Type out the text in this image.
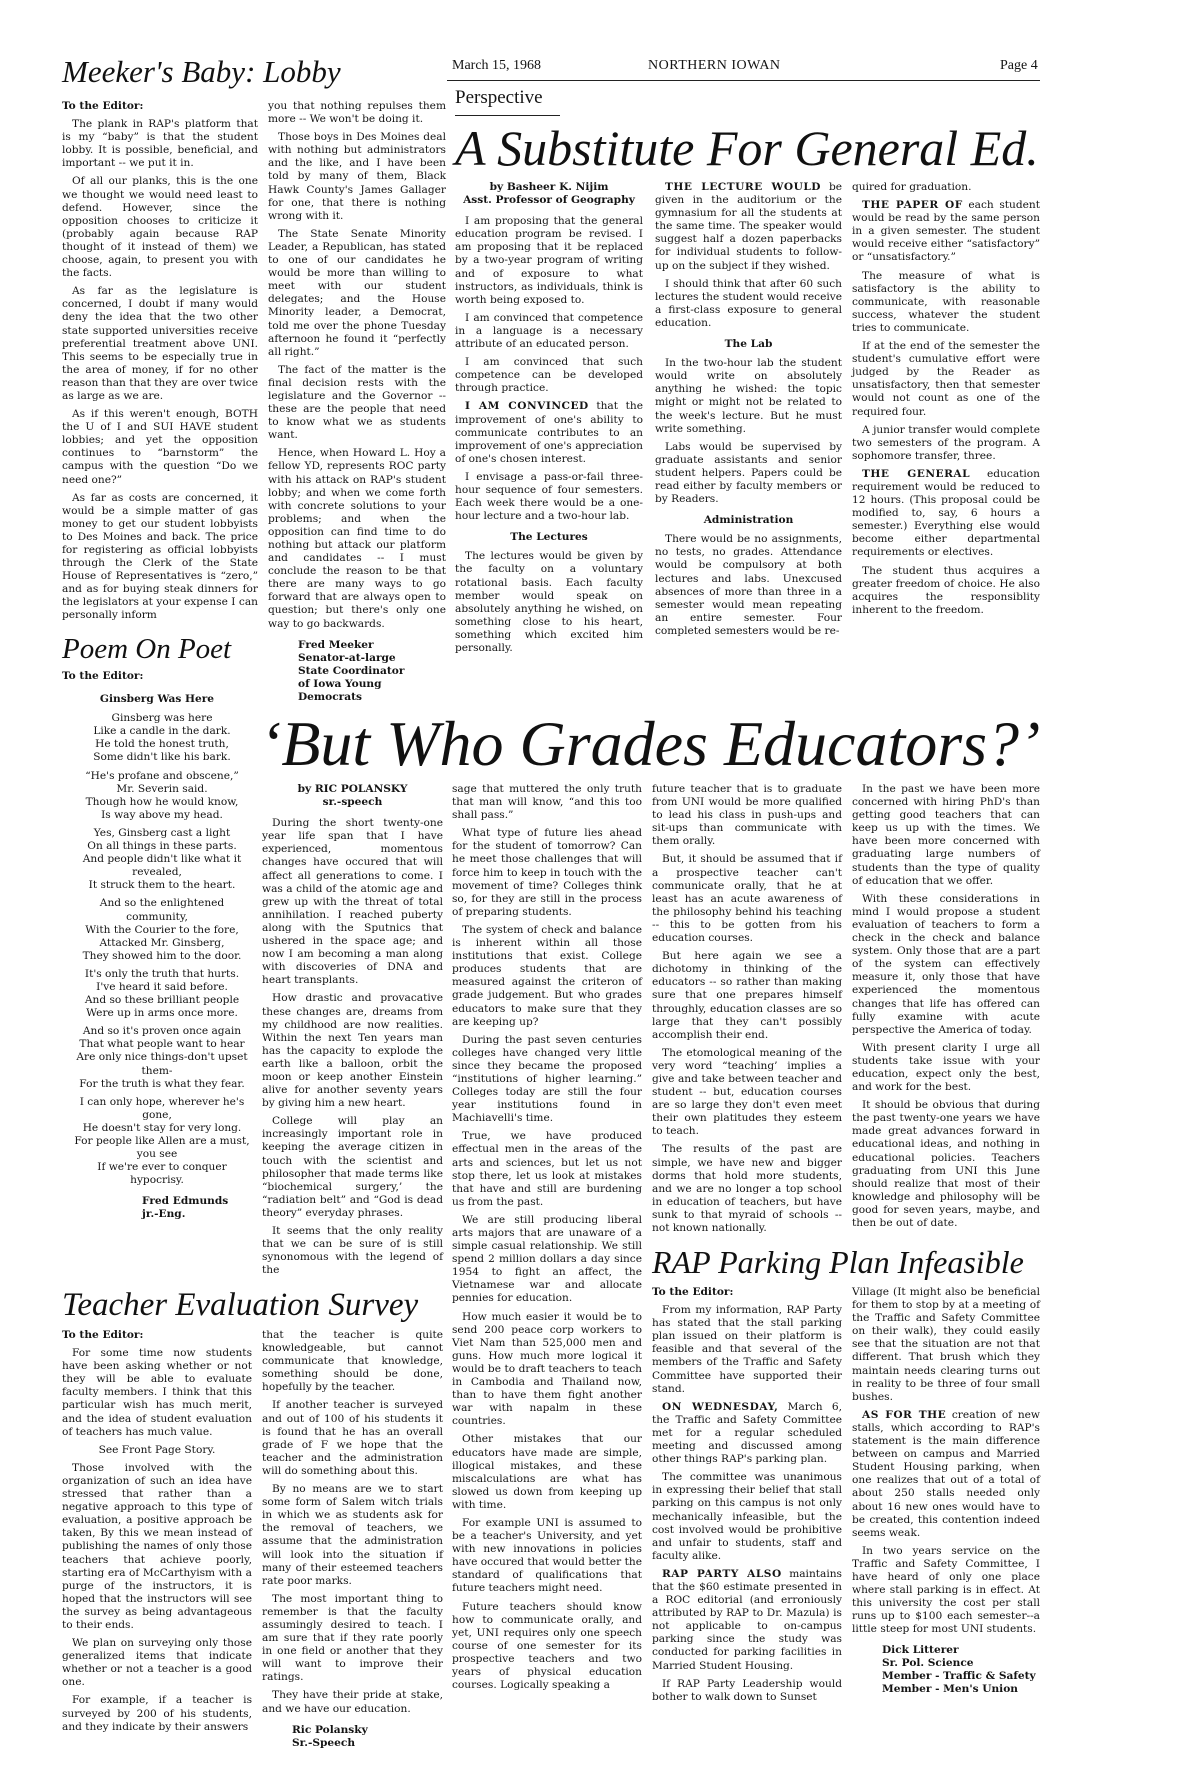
March 15, 1968	NORTHERN IOWAN	Page 4
Perspective
Meeker's Baby: Lobby

To the Editor:

The plank in RAP's platform that is my “baby” is that the student lobby. It is possible, beneficial, and important -- we put it in.

Of all our planks, this is the one we thought we would need least to defend. However, since the opposition chooses to criticize it (probably again because RAP thought of it instead of them) we choose, again, to present you with the facts.

As far as the legislature is concerned, I doubt if many would deny the idea that the two other state supported universities receive preferential treatment above UNI. This seems to be especially true in the area of money, if for no other reason than that they are over twice as large as we are.

As if this weren't enough, BOTH the U of I and SUI HAVE student lobbies; and yet the opposition continues to “barnstorm” the campus with the question “Do we need one?”

As far as costs are concerned, it would be a simple matter of gas money to get our student lobbyists to Des Moines and back. The price for registering as official lobbyists through the Clerk of the State House of Representatives is “zero,” and as for buying steak dinners for the legislators at your expense I can personally inform

you that nothing repulses them more -- We won't be doing it.

Those boys in Des Moines deal with nothing but administrators and the like, and I have been told by many of them, Black Hawk County's James Gallager for one, that there is nothing wrong with it.

The State Senate Minority Leader, a Republican, has stated to one of our candidates he would be more than willing to meet with our student delegates; and the House Minority leader, a Democrat, told me over the phone Tuesday afternoon he found it “perfectly all right.”

The fact of the matter is the final decision rests with the legislature and the Governor -- these are the people that need to know what we as students want.

Hence, when Howard L. Hoy a fellow YD, represents ROC party with his attack on RAP's student lobby; and when we come forth with concrete solutions to your problems; and when the opposition can find time to do nothing but attack our platform and candidates -- I must conclude the reason to be that there are many ways to go forward that are always open to question; but there's only one way to go backwards.

Fred Meeker
Senator-at-large
State Coordinator
of Iowa Young Democrats
A Substitute For General Ed.

by Basheer K. Nijim
Asst. Professor of Geography

I am proposing that the general education program be revised. I am proposing that it be replaced by a two-year program of writing and of exposure to what instructors, as individuals, think is worth being exposed to.

I am convinced that competence in a language is a necessary attribute of an educated person.

I am convinced that such competence can be developed through practice.

I AM CONVINCED that the improvement of one's ability to communicate contributes to an improvement of one's appreciation of one's chosen interest.

I envisage a pass-or-fail three-hour sequence of four semesters. Each week there would be a one-hour lecture and a two-hour lab.

The Lectures

The lectures would be given by the faculty on a voluntary rotational basis. Each faculty member would speak on absolutely anything he wished, on something close to his heart, something which excited him personally.

THE LECTURE WOULD be given in the auditorium or the gymnasium for all the students at the same time. The speaker would suggest half a dozen paperbacks for individual students to follow-up on the subject if they wished.

I should think that after 60 such lectures the student would receive a first-class exposure to general education.

The Lab

In the two-hour lab the student would write on absolutely anything he wished: the topic might or might not be related to the week's lecture. But he must write something.

Labs would be supervised by graduate assistants and senior student helpers. Papers could be read either by faculty members or by Readers.

Administration

There would be no assignments, no tests, no grades. Attendance would be compulsory at both lectures and labs. Unexcused absences of more than three in a semester would mean repeating an entire semester. Four completed semesters would be re-

quired for graduation.

THE PAPER OF each student would be read by the same person in a given semester. The student would receive either “satisfactory” or “unsatisfactory.”

The measure of what is satisfactory is the ability to communicate, with reasonable success, whatever the student tries to communicate.

If at the end of the semester the student's cumulative effort were judged by the Reader as unsatisfactory, then that semester would not count as one of the required four.

A junior transfer would complete two semesters of the program. A sophomore transfer, three.

THE GENERAL education requirement would be reduced to 12 hours. (This proposal could be modified to, say, 6 hours a semester.) Everything else would become either departmental requirements or electives.

The student thus acquires a greater freedom of choice. He also acquires the responsiblity inherent to the freedom.

Poem On Poet

To the Editor:

Ginsberg Was Here

Ginsberg was here
Like a candle in the dark.
He told the honest truth,
Some didn't like his bark.

“He's profane and obscene,”
Mr. Severin said.
Though how he would know,
Is way above my head.

Yes, Ginsberg cast a light
On all things in these parts.
And people didn't like what it revealed,
It struck them to the heart.

And so the enlightened community,
With the Courier to the fore,
Attacked Mr. Ginsberg,
They showed him to the door.

It's only the truth that hurts.
I've heard it said before.
And so these brilliant people
Were up in arms once more.

And so it's proven once again
That what people want to hear
Are only nice things-don't upset them-
For the truth is what they fear.

I can only hope, wherever he's gone,
He doesn't stay for very long.
For people like Allen are a must, you see
If we're ever to conquer hypocrisy.

Fred Edmunds
jr.-Eng.
‘But Who Grades Educators?’

by RIC POLANSKY
sr.-speech

During the short twenty-one year life span that I have experienced, momentous changes have occured that will affect all generations to come. I was a child of the atomic age and grew up with the threat of total annihilation. I reached puberty along with the Sputnics that ushered in the space age; and now I am becoming a man along with discoveries of DNA and heart transplants.

How drastic and provacative these changes are, dreams from my childhood are now realities. Within the next Ten years man has the capacity to explode the earth like a balloon, orbit the moon or keep another Einstein alive for another seventy years by giving him a new heart.

College will play an increasingly important role in keeping the average citizen in touch with the scientist and philosopher that made terms like “biochemical surgery,’ the “radiation belt” and “God is dead theory” everyday phrases.

It seems that the only reality that we can be sure of is still synonomous with the legend of the

sage that muttered the only truth that man will know, “and this too shall pass.”

What type of future lies ahead for the student of tomorrow? Can he meet those challenges that will force him to keep in touch with the movement of time? Colleges think so, for they are still in the process of preparing students.

The system of check and balance is inherent within all those institutions that exist. College produces students that are measured against the criteron of grade judgement. But who grades educators to make sure that they are keeping up?

During the past seven centuries colleges have changed very little since they became the proposed “institutions of higher learning.” Colleges today are still the four year institutions found in Machiavelli's time.

True, we have produced effectual men in the areas of the arts and sciences, but let us not stop there, let us look at mistakes that have and still are burdening us from the past.

We are still producing liberal arts majors that are unaware of a simple casual relationship. We still spend 2 million dollars a day since 1954 to fight an affect, the Vietnamese war and allocate pennies for education.

How much easier it would be to send 200 peace corp workers to Viet Nam than 525,000 men and guns. How much more logical it would be to draft teachers to teach in Cambodia and Thailand now, than to have them fight another war with napalm in these countries.

Other mistakes that our educators have made are simple, illogical mistakes, and these miscalculations are what has slowed us down from keeping up with time.

For example UNI is assumed to be a teacher's University, and yet with new innovations in policies have occured that would better the standard of qualifications that future teachers might need.

Future teachers should know how to communicate orally, and yet, UNI requires only one speech course of one semester for its prospective teachers and two years of physical education courses. Logically speaking a

future teacher that is to graduate from UNI would be more qualified to lead his class in push-ups and sit-ups than communicate with them orally.

But, it should be assumed that if a prospective teacher can't communicate orally, that he at least has an acute awareness of the philosophy behind his teaching -- this to be gotten from his education courses.

But here again we see a dichotomy in thinking of the educators -- so rather than making sure that one prepares himself throughly, education classes are so large that they can't possibly accomplish their end.

The etomological meaning of the very word “teaching’ implies a give and take between teacher and student -- but, education courses are so large they don't even meet their own platitudes they esteem to teach.

The results of the past are simple, we have new and bigger dorms that hold more students, and we are no longer a top school in education of teachers, but have sunk to that myraid of schools -- not known nationally.

In the past we have been more concerned with hiring PhD's than getting good teachers that can keep us up with the times. We have been more concerned with graduating large numbers of students than the type of quality of education that we offer.

With these considerations in mind I would propose a student evaluation of teachers to form a check in the check and balance system. Only those that are a part of the system can effectively measure it, only those that have experienced the momentous changes that life has offered can fully examine with acute perspective the America of today.

With present clarity I urge all students take issue with your education, expect only the best, and work for the best.

It should be obvious that during the past twenty-one years we have made great advances forward in educational ideas, and nothing in educational policies. Teachers graduating from UNI this June should realize that most of their knowledge and philosophy will be good for seven years, maybe, and then be out of date.

Teacher Evaluation Survey

To the Editor:

For some time now students have been asking whether or not they will be able to evaluate faculty members. I think that this particular wish has much merit, and the idea of student evaluation of teachers has much value.

See Front Page Story.

Those involved with the organization of such an idea have stressed that rather than a negative approach to this type of evaluation, a positive approach be taken, By this we mean instead of publishing the names of only those teachers that achieve poorly, starting era of McCarthyism with a purge of the instructors, it is hoped that the instructors will see the survey as being advantageous to their ends.

We plan on surveying only those generalized items that indicate whether or not a teacher is a good one.

For example, if a teacher is surveyed by 200 of his students, and they indicate by their answers

that the teacher is quite knowledgeable, but cannot communicate that knowledge, something should be done, hopefully by the teacher.

If another teacher is surveyed and out of 100 of his students it is found that he has an overall grade of F we hope that the teacher and the administration will do something about this.

By no means are we to start some form of Salem witch trials in which we as students ask for the removal of teachers, we assume that the administration will look into the situation if many of their esteemed teachers rate poor marks.

The most important thing to remember is that the faculty assumingly desired to teach. I am sure that if they rate poorly in one field or another that they will want to improve their ratings.

They have their pride at stake, and we have our education.

Ric Polansky
Sr.-Speech
RAP Parking Plan Infeasible

To the Editor:

From my information, RAP Party has stated that the stall parking plan issued on their platform is feasible and that several of the members of the Traffic and Safety Committee have supported their stand.

ON WEDNESDAY, March 6, the Traffic and Safety Committee met for a regular scheduled meeting and discussed among other things RAP's parking plan.

The committee was unanimous in expressing their belief that stall parking on this campus is not only mechanically infeasible, but the cost involved would be prohibitive and unfair to students, staff and faculty alike.

RAP PARTY ALSO maintains that the $60 estimate presented in a ROC editorial (and erroniously attributed by RAP to Dr. Mazula) is not applicable to on-campus parking since the study was conducted for parking facilities in Married Student Housing.

If RAP Party Leadership would bother to walk down to Sunset

Village (It might also be beneficial for them to stop by at a meeting of the Traffic and Safety Committee on their walk), they could easily see that the situation are not that different. That brush which they maintain needs clearing turns out in reality to be three of four small bushes.

AS FOR THE creation of new stalls, which according to RAP's statement is the main difference between on campus and Married Student Housing parking, when one realizes that out of a total of about 250 stalls needed only about 16 new ones would have to be created, this contention indeed seems weak.

In two years service on the Traffic and Safety Committee, I have heard of only one place where stall parking is in effect. At this university the cost per stall runs up to $100 each semester--a little steep for most UNI students.

Dick Litterer
Sr. Pol. Science
Member - Traffic & Safety
Member - Men's Union
